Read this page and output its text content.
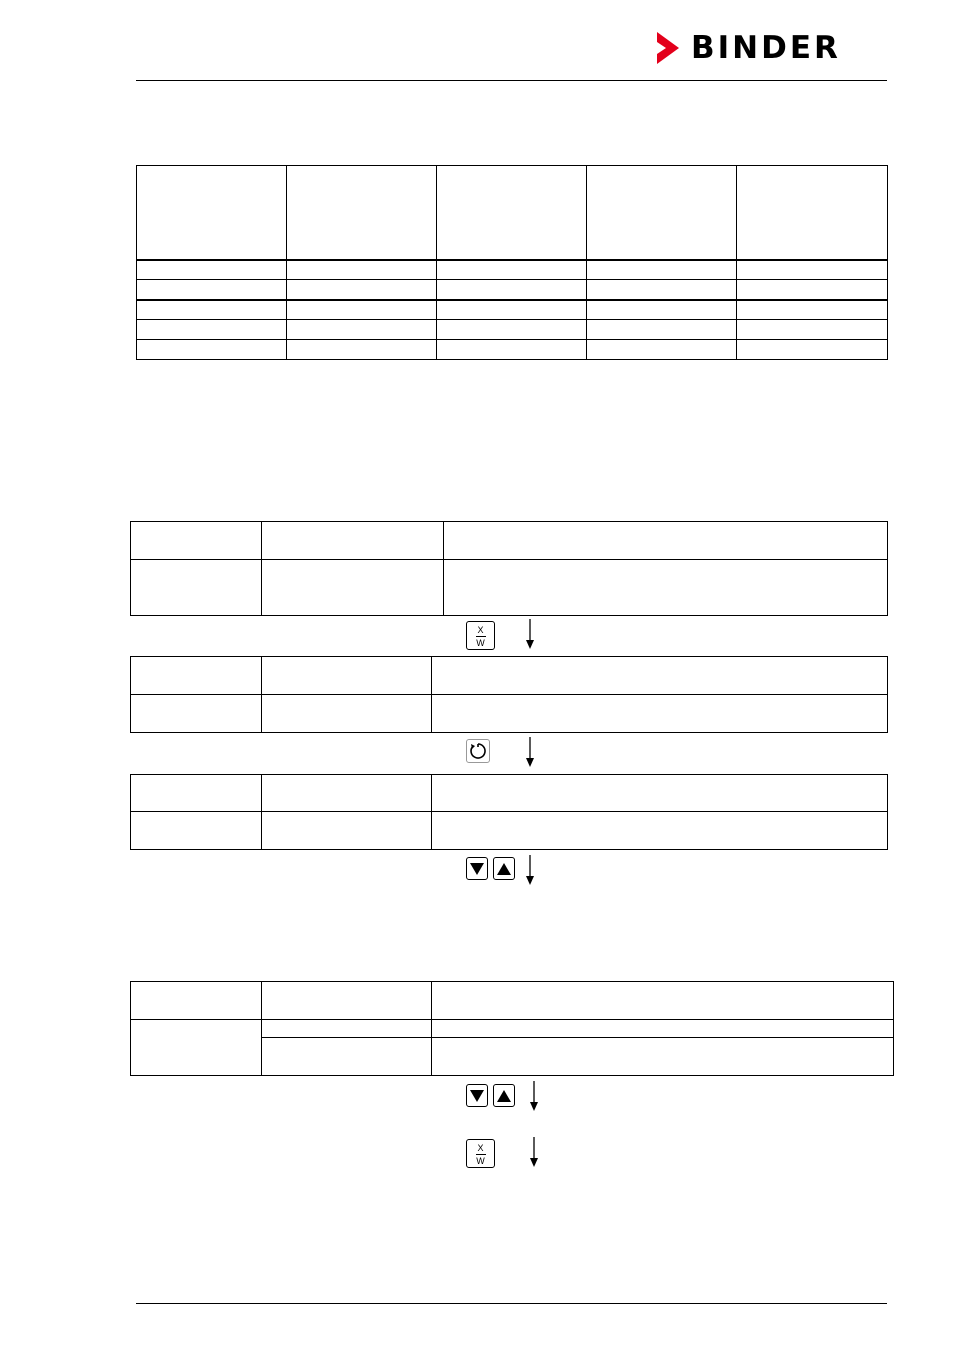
BINDER

X
W

X
W
